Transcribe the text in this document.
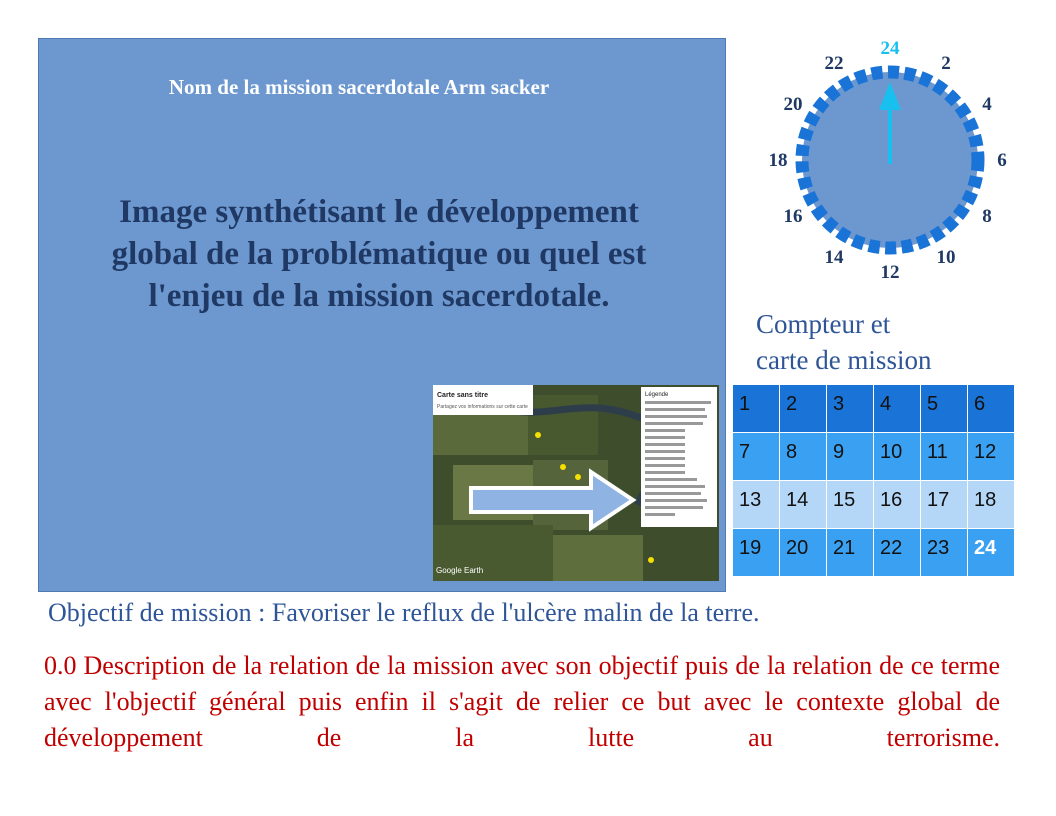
Nom de la mission sacerdotale Arm sacker

Image synthétisant le développement
global de la problématique ou quel est
l'enjeu de la mission sacerdotale.

Carte sans titre
Partagez vos informations sur cette carte
Légende
Google Earth
24
2
4
6
8
10
12
14
16
18
20
22

Compteur et
carte de mission

1	2	3	4	5	6
7	8	9	10	11	12
13	14	15	16	17	18
19	20	21	22	23	24

Objectif de mission : Favoriser le reflux de l'ulcère malin de la terre.

0.0 Description de la relation de la mission avec son objectif puis de la relation de ce terme avec l'objectif général puis enfin il s'agit de relier ce but avec le contexte global de développement de la lutte au terrorisme.
